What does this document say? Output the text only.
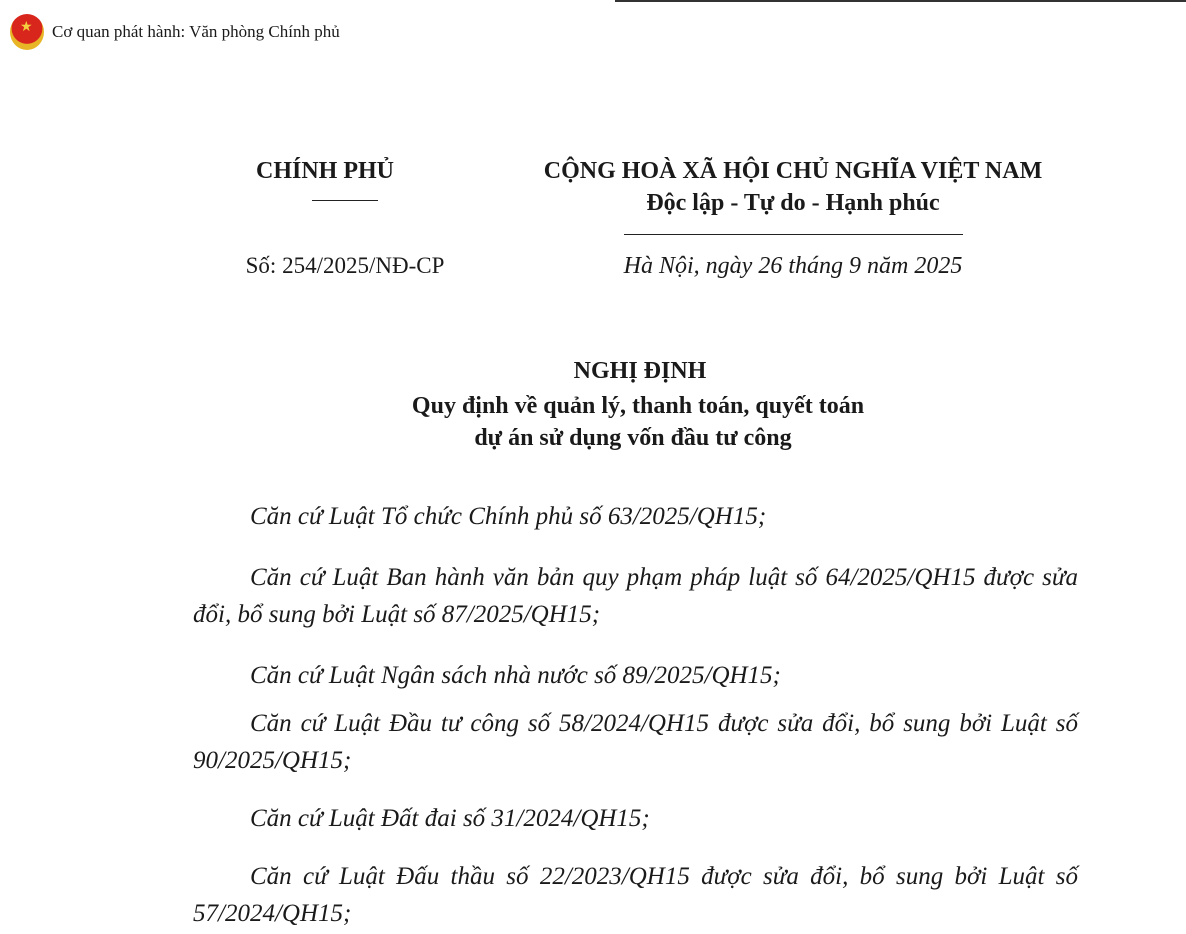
★
Cơ quan phát hành: Văn phòng Chính phủ
CHÍNH PHỦ	CỘNG HOÀ XÃ HỘI CHỦ NGHĨA VIỆT NAM
Độc lập - Tự do - Hạnh phúc
Số: 254/2025/NĐ-CP	Hà Nội, ngày 26 tháng 9 năm 2025
NGHỊ ĐỊNH
Quy định về quản lý, thanh toán, quyết toán
dự án sử dụng vốn đầu tư công
Căn cứ Luật Tổ chức Chính phủ số 63/2025/QH15;
Căn cứ Luật Ban hành văn bản quy phạm pháp luật số 64/2025/QH15 được sửa đổi, bổ sung bởi Luật số 87/2025/QH15;
Căn cứ Luật Ngân sách nhà nước số 89/2025/QH15;
Căn cứ Luật Đầu tư công số 58/2024/QH15 được sửa đổi, bổ sung bởi Luật số 90/2025/QH15;
Căn cứ Luật Đất đai số 31/2024/QH15;
Căn cứ Luật Đấu thầu số 22/2023/QH15 được sửa đổi, bổ sung bởi Luật số 57/2024/QH15;
